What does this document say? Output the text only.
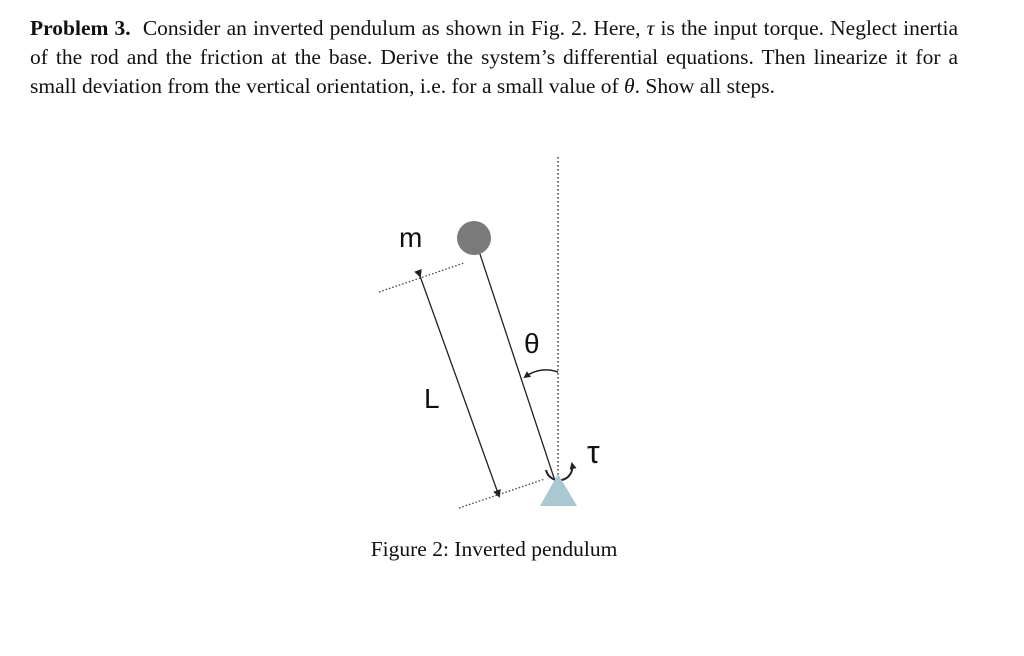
Problem 3. Consider an inverted pendulum as shown in Fig. 2. Here, τ is the input torque. Neglect inertia of the rod and the friction at the base. Derive the system’s differential equations. Then linearize it for a small deviation from the vertical orientation, i.e. for a small value of θ. Show all steps.

m
L
θ
τ
Figure 2: Inverted pendulum
